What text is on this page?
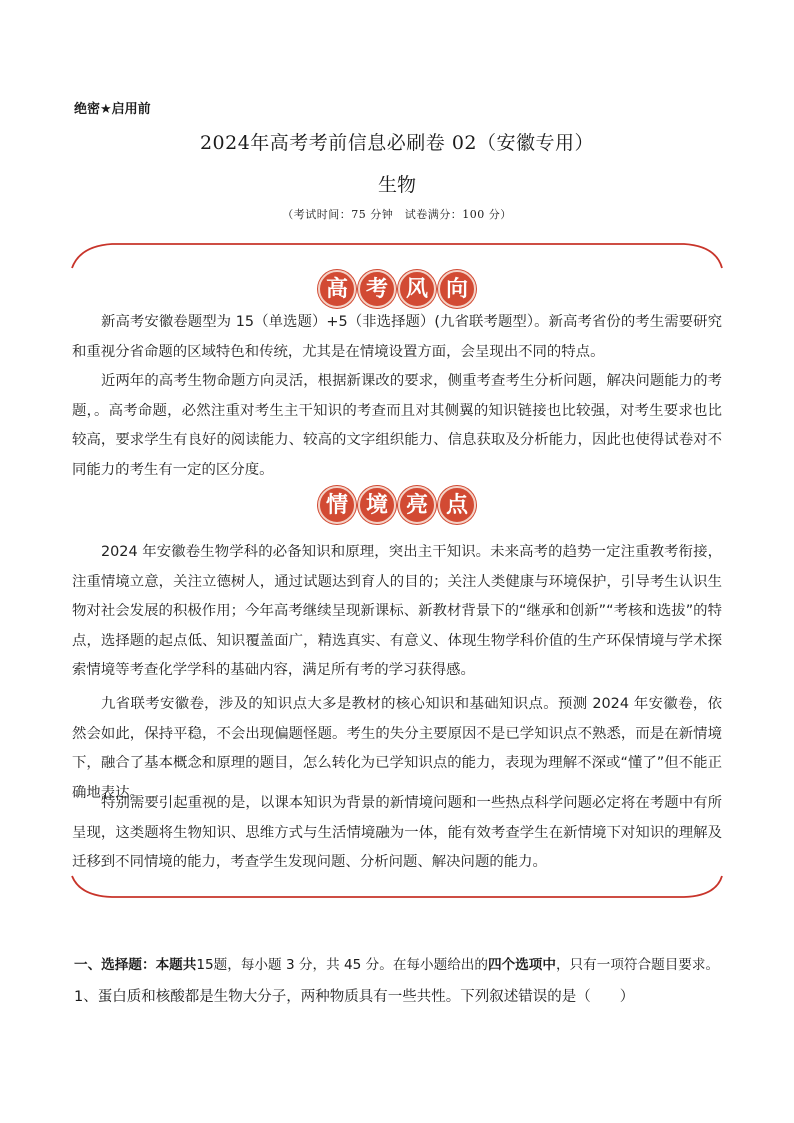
绝密★启用前
2024年高考考前信息必刷卷 02（安徽专用）
生物
（考试时间：75 分钟　试卷满分：100 分）
高 考 风 向

新高考安徽卷题型为 15（单选题）+5（非选择题）(九省联考题型）。新高考省份的考生需要研究和重视分省命题的区域特色和传统，尤其是在情境设置方面，会呈现出不同的特点。

近两年的高考生物命题方向灵活，根据新课改的要求，侧重考查考生分析问题，解决问题能力的考题，。高考命题，必然注重对考生主干知识的考查而且对其侧翼的知识链接也比较强，对考生要求也比较高，要求学生有良好的阅读能力、较高的文字组织能力、信息获取及分析能力，因此也使得试卷对不同能力的考生有一定的区分度。

情 境 亮 点

2024 年安徽卷生物学科的必备知识和原理，突出主干知识。未来高考的趋势一定注重教考衔接，注重情境立意，关注立德树人，通过试题达到育人的目的；关注人类健康与环境保护，引导考生认识生物对社会发展的积极作用；今年高考继续呈现新课标、新教材背景下的“继承和创新”“考核和选拔”的特点，选择题的起点低、知识覆盖面广，精选真实、有意义、体现生物学科价值的生产环保情境与学术探索情境等考查化学学科的基础内容，满足所有考的学习获得感。

九省联考安徽卷，涉及的知识点大多是教材的核心知识和基础知识点。预测 2024 年安徽卷，依然会如此，保持平稳，不会出现偏题怪题。考生的失分主要原因不是已学知识点不熟悉，而是在新情境下，融合了基本概念和原理的题目，怎么转化为已学知识点的能力，表现为理解不深或“懂了”但不能正确地表达。

特别需要引起重视的是，以课本知识为背景的新情境问题和一些热点科学问题必定将在考题中有所呈现，这类题将生物知识、思维方式与生活情境融为一体，能有效考查学生在新情境下对知识的理解及迁移到不同情境的能力，考查学生发现问题、分析问题、解决问题的能力。

一、选择题：本题共15题，每小题 3 分，共 45 分。在每小题给出的四个选项中，只有一项符合题目要求。
1、蛋白质和核酸都是生物大分子，两种物质具有一些共性。下列叙述错误的是（　　）
